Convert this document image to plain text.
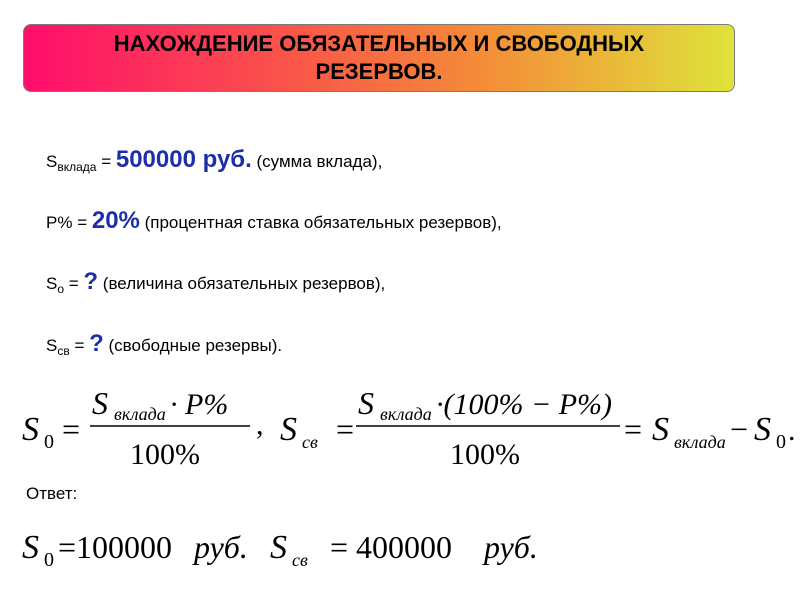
НАХОЖДЕНИЕ ОБЯЗАТЕЛЬНЫХ И СВОБОДНЫХ РЕЗЕРВОВ.
$S_{вклада} = 500000$ руб. (сумма вклада),
P% = 20% (процентная ставка обязательных резервов),
$S_о$ = ? (величина обязательных резервов),
$S_{св}$ = ? (свободные резервы).
S 0 =
S вклада · P%
100%
, S св =
S вклада ·(100% − P%)
100%
= S вклада − S 0 .
Ответ:
S 0 =100000 руб. S св = 400000 руб.
